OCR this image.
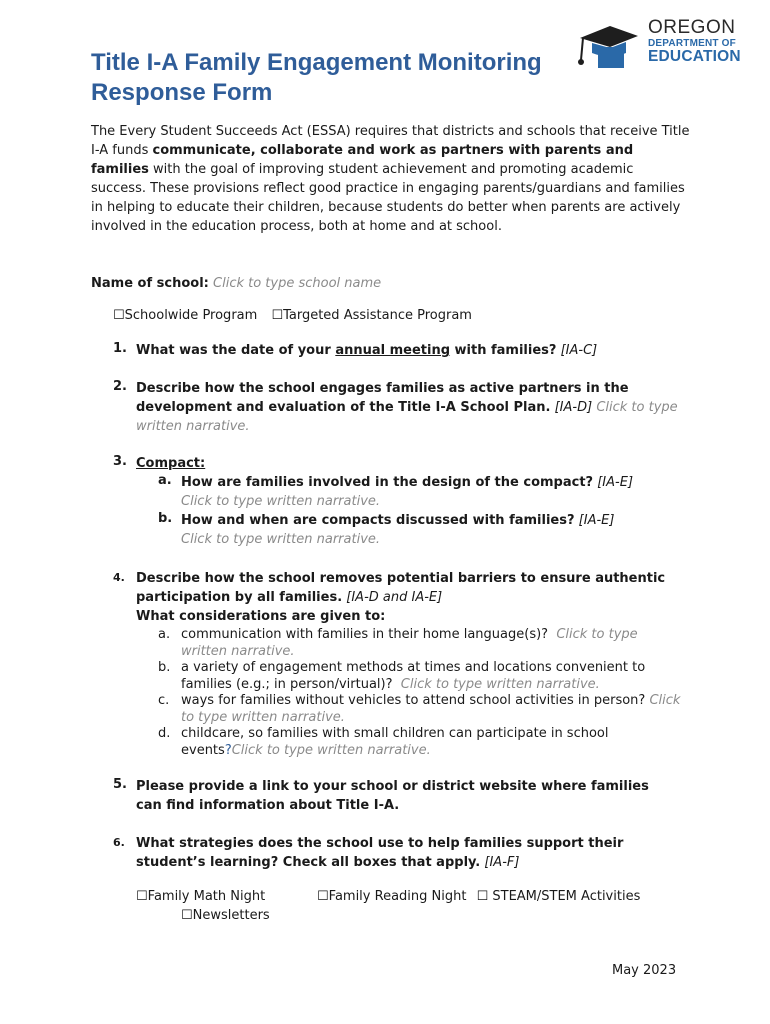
Title I-A Family Engagement Monitoring Response Form
OREGON
DEPARTMENT OF
EDUCATION

The Every Student Succeeds Act (ESSA) requires that districts and schools that receive Title I-A funds communicate, collaborate and work as partners with parents and families with the goal of improving student achievement and promoting academic success. These provisions reflect good practice in engaging parents/guardians and families in helping to educate their children, because students do better when parents are actively involved in the education process, both at home and at school.

Name of school: Click to type school name
☐Schoolwide Program ☐Targeted Assistance Program
1. What was the date of your annual meeting with families? [IA-C]
2. Describe how the school engages families as active partners in the development and evaluation of the Title I-A School Plan. [IA-D] Click to type written narrative.
3. Compact:
a. How are families involved in the design of the compact? [IA-E]
Click to type written narrative.
b. How and when are compacts discussed with families? [IA-E]
Click to type written narrative.
4. Describe how the school removes potential barriers to ensure authentic participation by all families. [IA-D and IA-E]
What considerations are given to:
a. communication with families in their home language(s)? Click to type written narrative.
b. a variety of engagement methods at times and locations convenient to families (e.g.; in person/virtual)? Click to type written narrative.
c. ways for families without vehicles to attend school activities in person? Click to type written narrative.
d. childcare, so families with small children can participate in school events?Click to type written narrative.
5. Please provide a link to your school or district website where families can find information about Title I-A.
6. What strategies does the school use to help families support their student’s learning? Check all boxes that apply. [IA-F]
☐Family Math Night	☐Family Reading Night ☐ STEAM/STEM Activities
☐Newsletters
May 2023
